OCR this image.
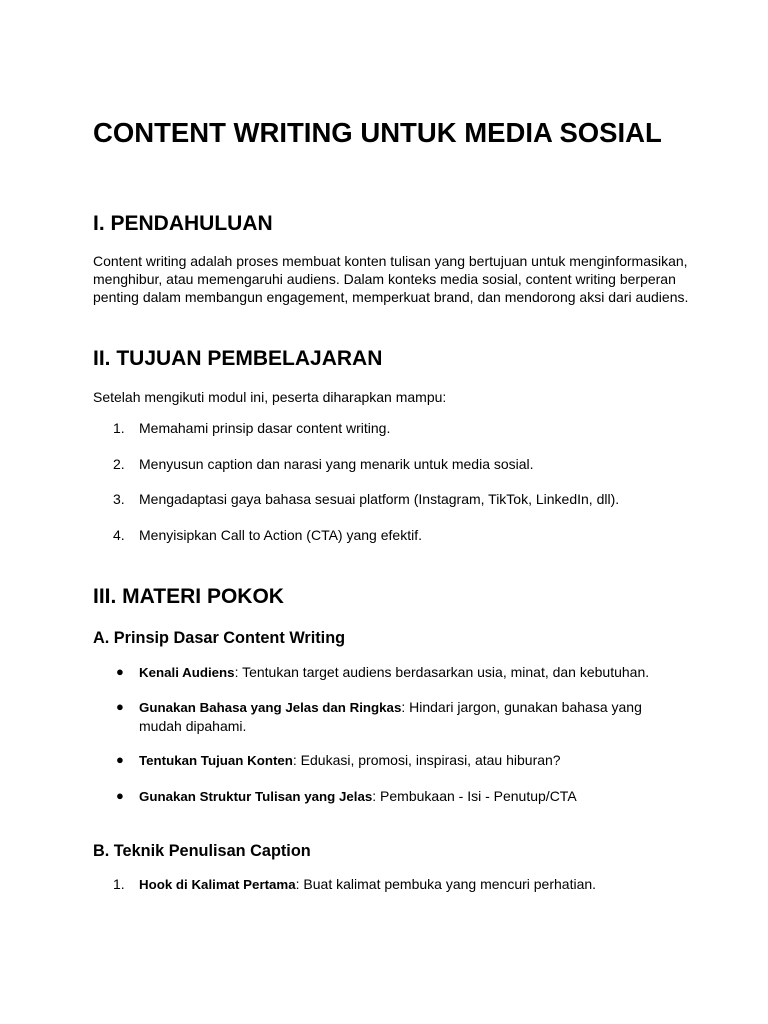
CONTENT WRITING UNTUK MEDIA SOSIAL
I. PENDAHULUAN

Content writing adalah proses membuat konten tulisan yang bertujuan untuk menginformasikan, menghibur, atau memengaruhi audiens. Dalam konteks media sosial, content writing berperan penting dalam membangun engagement, memperkuat brand, dan mendorong aksi dari audiens.

II. TUJUAN PEMBELAJARAN

Setelah mengikuti modul ini, peserta diharapkan mampu:

1.	Memahami prinsip dasar content writing.
2.	Menyusun caption dan narasi yang menarik untuk media sosial.
3.	Mengadaptasi gaya bahasa sesuai platform (Instagram, TikTok, LinkedIn, dll).
4.	Menyisipkan Call to Action (CTA) yang efektif.
III. MATERI POKOK
A. Prinsip Dasar Content Writing
● Kenali Audiens: Tentukan target audiens berdasarkan usia, minat, dan kebutuhan.
● Gunakan Bahasa yang Jelas dan Ringkas: Hindari jargon, gunakan bahasa yang mudah dipahami.
● Tentukan Tujuan Konten: Edukasi, promosi, inspirasi, atau hiburan?
● Gunakan Struktur Tulisan yang Jelas: Pembukaan - Isi - Penutup/CTA
B. Teknik Penulisan Caption
1.	Hook di Kalimat Pertama: Buat kalimat pembuka yang mencuri perhatian.
